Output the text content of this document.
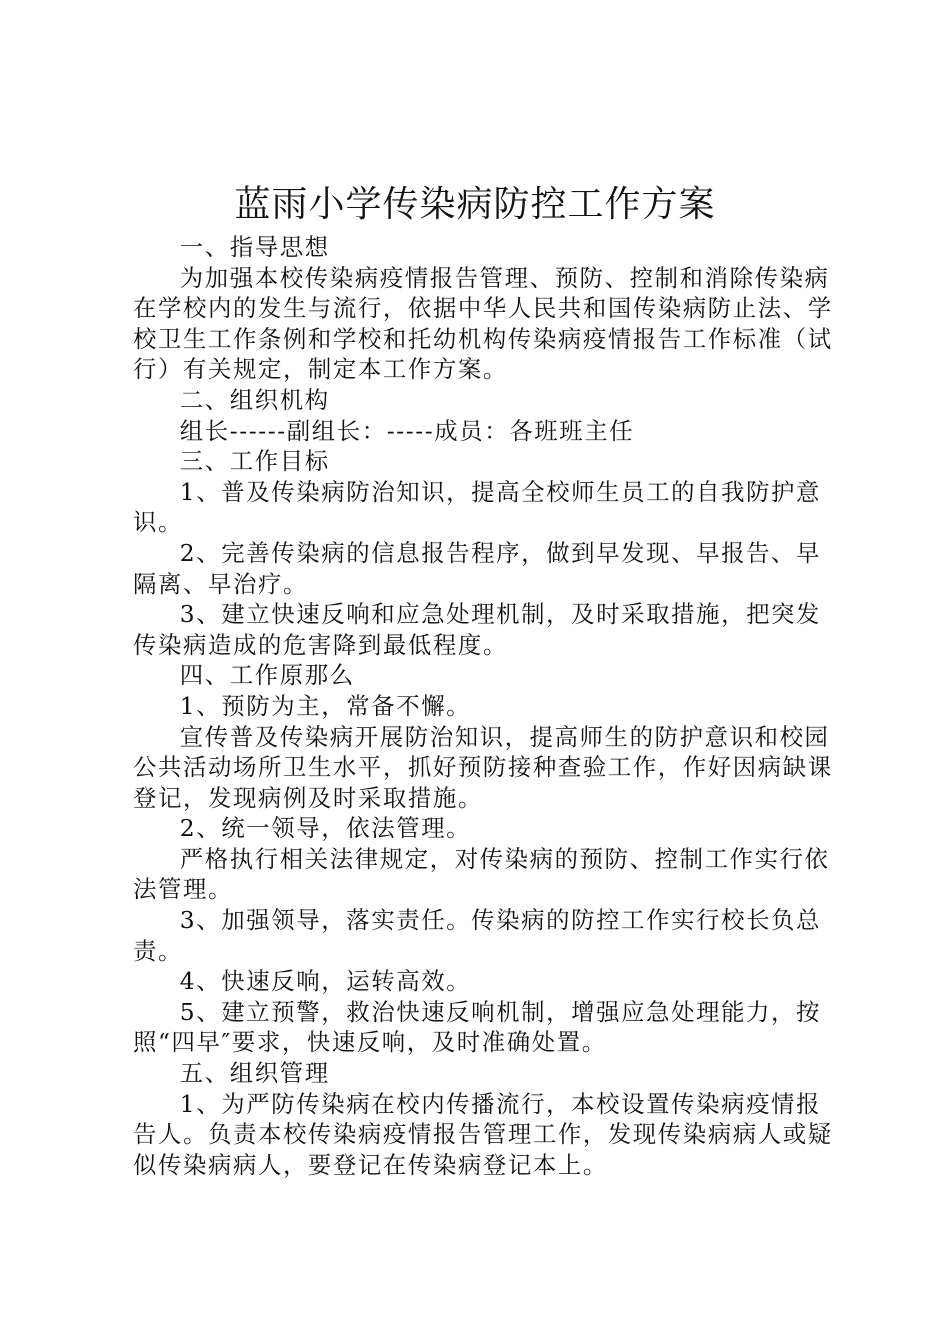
蓝雨小学传染病防控工作方案

一、指导思想

为加强本校传染病疫情报告管理、预防、控制和消除传染病在学校内的发生与流行，依据中华人民共和国传染病防止法、学校卫生工作条例和学校和托幼机构传染病疫情报告工作标准（试行）有关规定，制定本工作方案。

二、组织机构

组长------副组长：-----成员：各班班主任

三、工作目标

1、普及传染病防治知识，提高全校师生员工的自我防护意识。

2、完善传染病的信息报告程序，做到早发现、早报告、早隔离、早治疗。

3、建立快速反响和应急处理机制，及时采取措施，把突发传染病造成的危害降到最低程度。

四、工作原那么

1、预防为主，常备不懈。

宣传普及传染病开展防治知识，提高师生的防护意识和校园公共活动场所卫生水平，抓好预防接种查验工作，作好因病缺课登记，发现病例及时采取措施。

2、统一领导，依法管理。

严格执行相关法律规定，对传染病的预防、控制工作实行依法管理。

3、加强领导，落实责任。传染病的防控工作实行校长负总责。

4、快速反响，运转高效。

5、建立预警，救治快速反响机制，增强应急处理能力，按照“四早″要求，快速反响，及时准确处置。

五、组织管理

1、为严防传染病在校内传播流行，本校设置传染病疫情报告人。负责本校传染病疫情报告管理工作，发现传染病病人或疑似传染病病人，要登记在传染病登记本上。
